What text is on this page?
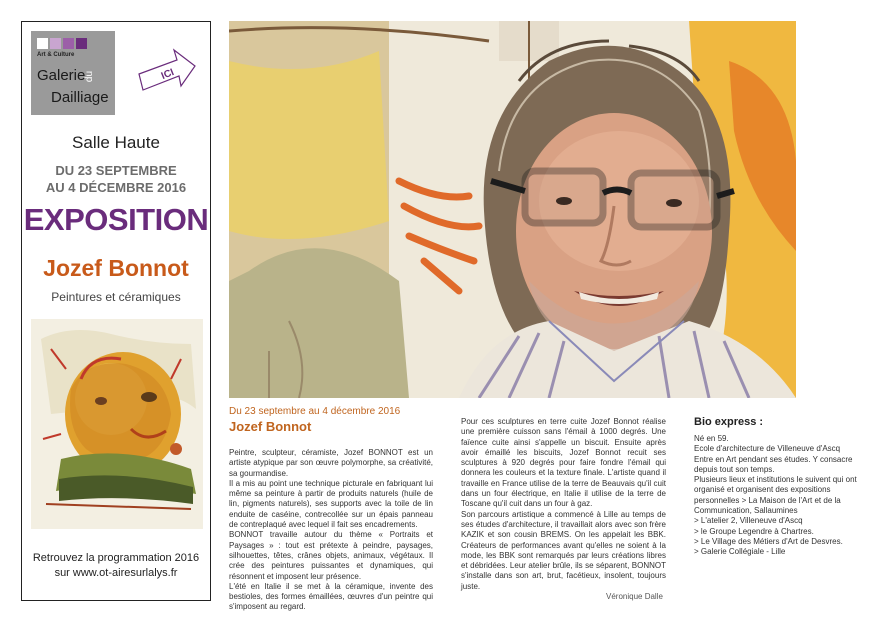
Art & Culture
Galerie
du
Dailliage
ICI
Salle Haute
DU 23 SEPTEMBRE
AU 4 DÉCEMBRE 2016
EXPOSITION
Jozef Bonnot
Peintures et céramiques
Retrouvez la programmation 2016
sur www.ot-airesurlalys.fr
Du 23 septembre au 4 décembre 2016
Jozef Bonnot

Peintre, sculpteur, céramiste, Jozef BONNOT est un artiste atypique par son œuvre polymorphe, sa créativité, sa gourmandise.

Il a mis au point une technique picturale en fabriquant lui même sa peinture à partir de produits naturels (huile de lin, pigments naturels), ses supports avec la toile de lin enduite de caséine, contrecollée sur un épais panneau de contreplaqué avec lequel il fait ses encadrements.

BONNOT travaille autour du thème « Portraits et Paysages » : tout est prétexte à peindre, paysages, silhouettes, têtes, crânes objets, animaux, végétaux. Il crée des peintures puissantes et dynamiques, qui résonnent et imposent leur présence.

L'été en Italie il se met à la céramique, invente des bestioles, des formes émaillées, œuvres d'un peintre qui s'imposent au regard.

Pour ces sculptures en terre cuite Jozef Bonnot réalise une première cuisson sans l'émail à 1000 degrés. Une faïence cuite ainsi s'appelle un biscuit. Ensuite après avoir émaillé les biscuits, Jozef Bonnot recuit ses sculptures à 920 degrés pour faire fondre l'émail qui donnera les couleurs et la texture finale. L'artiste quand il travaille en France utilise de la terre de Beauvais qu'il cuit dans un four électrique, en Italie il utilise de la terre de Toscane qu'il cuit dans un four à gaz.

Son parcours artistique a commencé à Lille au temps de ses études d'architecture, il travaillait alors avec son frère KAZIK et son cousin BREMS. On les appelait les BBK. Créateurs de performances avant qu'elles ne soient à la mode, les BBK sont remarqués par leurs créations libres et débridées. Leur atelier brûle, ils se séparent, BONNOT s'installe dans son art, brut, facétieux, insolent, toujours juste.

Véronique Dalle
Bio express :

Né en 59.

Ecole d'architecture de Villeneuve d'Ascq

Entre en Art pendant ses études. Y consacre depuis tout son temps.

Plusieurs lieux et institutions le suivent qui ont organisé et organisent des expositions personnelles > La Maison de l'Art et de la Communication, Sallaumines

> L'atelier 2, Villeneuve d'Ascq

> le Groupe Legendre à Chartres.

> Le Village des Métiers d'Art de Desvres.

> Galerie Collégiale - Lille
